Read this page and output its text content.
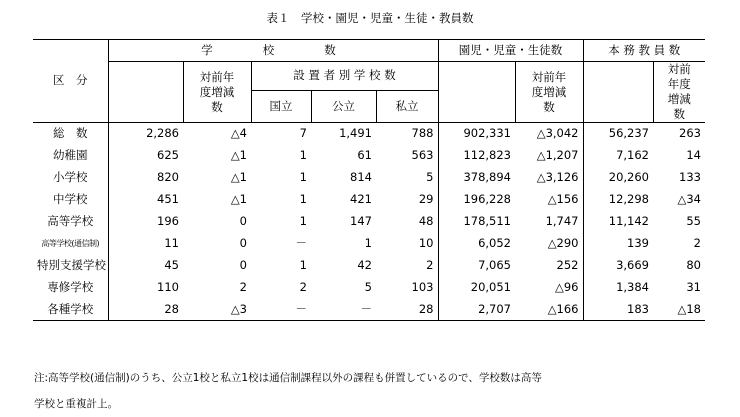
表１　学校・園児・児童・生徒・教員数
区　分	学　　校　　数					園児・児童・生徒数		本 務 教 員 数	
		対前年度増減数	設 置 者 別 学 校 数				対前年度増減数		対前年度増減数
			国立	公立	私立				
総　数	2,286	△4	7	1,491	788	902,331	△3,042	56,237	263
幼稚園	625	△1	1	61	563	112,823	△1,207	7,162	14
小学校	820	△1	1	814	5	378,894	△3,126	20,260	133
中学校	451	△1	1	421	29	196,228	△156	12,298	△34
高等学校	196	0	1	147	48	178,511	1,747	11,142	55
高等学校(通信制)	11	0	－	1	10	6,052	△290	139	2
特別支援学校	45	0	1	42	2	7,065	252	3,669	80
専修学校	110	2	2	5	103	20,051	△96	1,384	31
各種学校	28	△3	－	－	28	2,707	△166	183	△18
注:高等学校(通信制)のうち、公立1校と私立1校は通信制課程以外の課程も併置しているので、学校数は高等
学校と重複計上。
